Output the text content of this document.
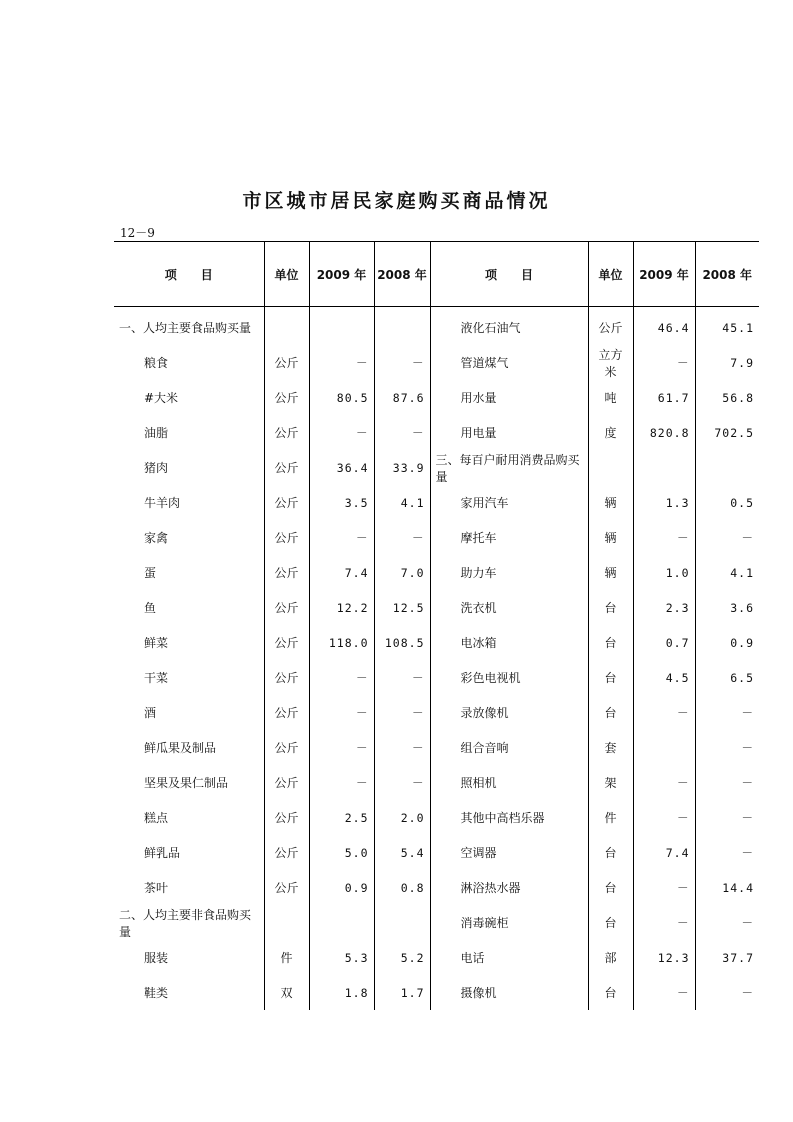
市区城市居民家庭购买商品情况
12－9
项　　目	单位	2009 年	2008 年	项　　目	单位	2009 年	2008 年

一、人均主要食品购买量				液化石油气	公斤	46.4	45.1
粮食	公斤	－	－	管道煤气	立方米	－	7.9
#大米	公斤	80.5	87.6	用水量	吨	61.7	56.8
油脂	公斤	－	－	用电量	度	820.8	702.5
猪肉	公斤	36.4	33.9	三、每百户耐用消费品购买量			
牛羊肉	公斤	3.5	4.1	家用汽车	辆	1.3	0.5
家禽	公斤	－	－	摩托车	辆	－	－
蛋	公斤	7.4	7.0	助力车	辆	1.0	4.1
鱼	公斤	12.2	12.5	洗衣机	台	2.3	3.6
鲜菜	公斤	118.0	108.5	电冰箱	台	0.7	0.9
干菜	公斤	－	－	彩色电视机	台	4.5	6.5
酒	公斤	－	－	录放像机	台	－	－
鲜瓜果及制品	公斤	－	－	组合音响	套		－
坚果及果仁制品	公斤	－	－	照相机	架	－	－
糕点	公斤	2.5	2.0	其他中高档乐器	件	－	－
鲜乳品	公斤	5.0	5.4	空调器	台	7.4	－
茶叶	公斤	0.9	0.8	淋浴热水器	台	－	14.4
二、人均主要非食品购买量				消毒碗柜	台	－	－
服装	件	5.3	5.2	电话	部	12.3	37.7
鞋类	双	1.8	1.7	摄像机	台	－	－
